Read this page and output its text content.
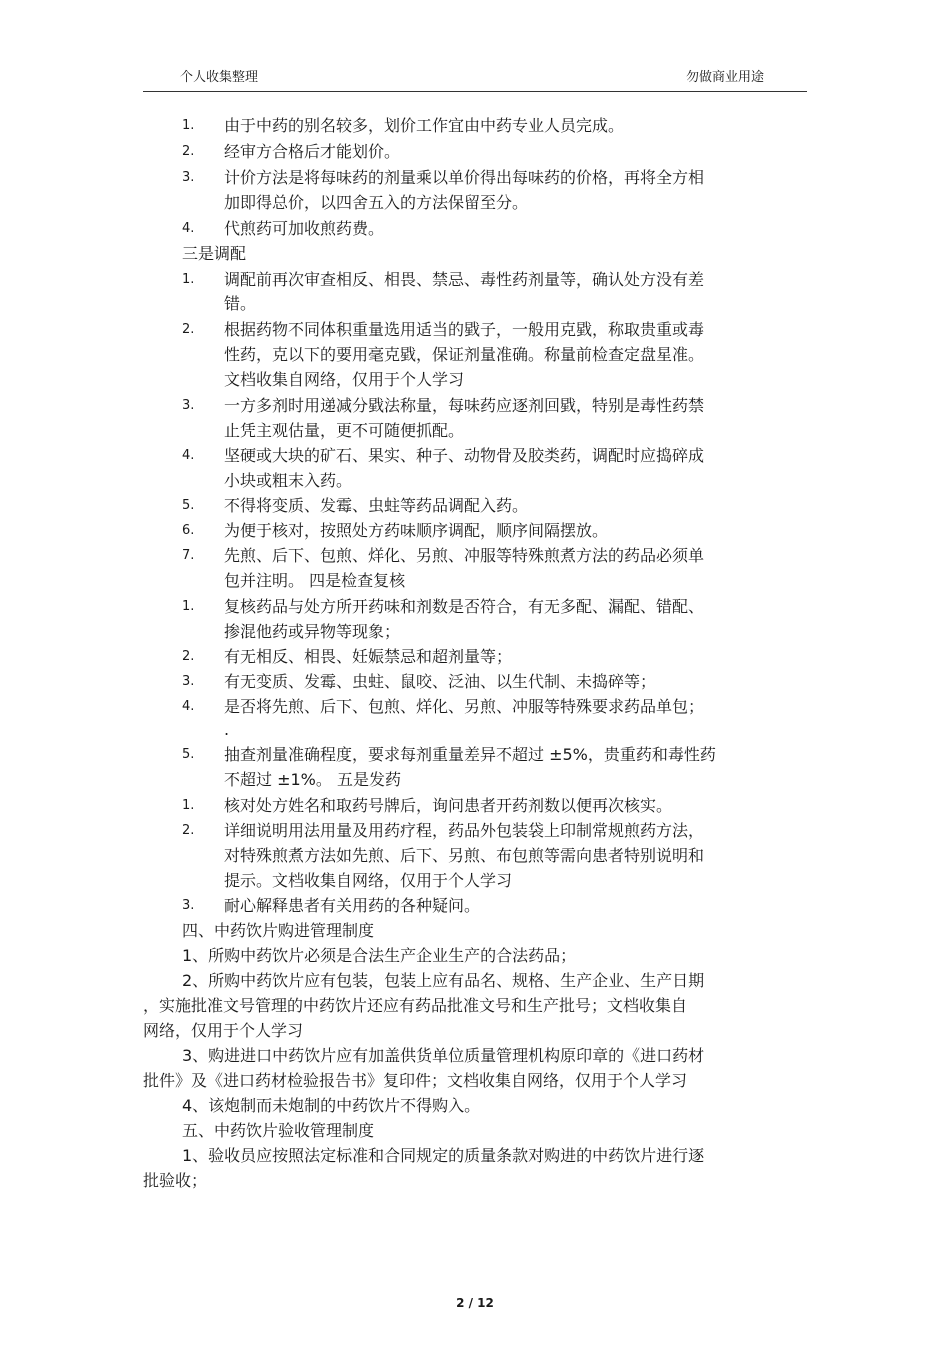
个人收集整理	勿做商业用途
1. 由于中药的别名较多，划价工作宜由中药专业人员完成。
2. 经审方合格后才能划价。
3. 计价方法是将每味药的剂量乘以单价得出每味药的价格，再将全方相
加即得总价，以四舍五入的方法保留至分。
4. 代煎药可加收煎药费。
三是调配
1. 调配前再次审查相反、相畏、禁忌、毒性药剂量等，确认处方没有差
错。
2. 根据药物不同体积重量选用适当的戥子，一般用克戥，称取贵重或毒
性药，克以下的要用毫克戥，保证剂量准确。称量前检查定盘星准。
文档收集自网络，仅用于个人学习
3. 一方多剂时用递减分戥法称量，每味药应逐剂回戥，特别是毒性药禁
止凭主观估量，更不可随便抓配。
4. 坚硬或大块的矿石、果实、种子、动物骨及胶类药，调配时应捣碎成
小块或粗末入药。
5. 不得将变质、发霉、虫蛀等药品调配入药。
6. 为便于核对，按照处方药味顺序调配，顺序间隔摆放。
7. 先煎、后下、包煎、烊化、另煎、冲服等特殊煎煮方法的药品必须单
包并注明。 四是检查复核
1. 复核药品与处方所开药味和剂数是否符合，有无多配、漏配、错配、
掺混他药或异物等现象；
2. 有无相反、相畏、妊娠禁忌和超剂量等；
3. 有无变质、发霉、虫蛀、鼠咬、泛油、以生代制、未捣碎等；
4. 是否将先煎、后下、包煎、烊化、另煎、冲服等特殊要求药品单包；
.
5. 抽查剂量准确程度，要求每剂重量差异不超过 ±5%，贵重药和毒性药
不超过 ±1%。 五是发药
1. 核对处方姓名和取药号牌后，询问患者开药剂数以便再次核实。
2. 详细说明用法用量及用药疗程，药品外包装袋上印制常规煎药方法，
对特殊煎煮方法如先煎、后下、另煎、布包煎等需向患者特别说明和
提示。文档收集自网络，仅用于个人学习
3. 耐心解释患者有关用药的各种疑问。
四、中药饮片购进管理制度
1、所购中药饮片必须是合法生产企业生产的合法药品；
2、所购中药饮片应有包装，包装上应有品名、规格、生产企业、生产日期
，实施批准文号管理的中药饮片还应有药品批准文号和生产批号；文档收集自
网络，仅用于个人学习
3、购进进口中药饮片应有加盖供货单位质量管理机构原印章的《进口药材
批件》及《进口药材检验报告书》复印件；文档收集自网络，仅用于个人学习
4、该炮制而未炮制的中药饮片不得购入。
五、中药饮片验收管理制度
1、验收员应按照法定标准和合同规定的质量条款对购进的中药饮片进行逐
批验收；
2 / 12
